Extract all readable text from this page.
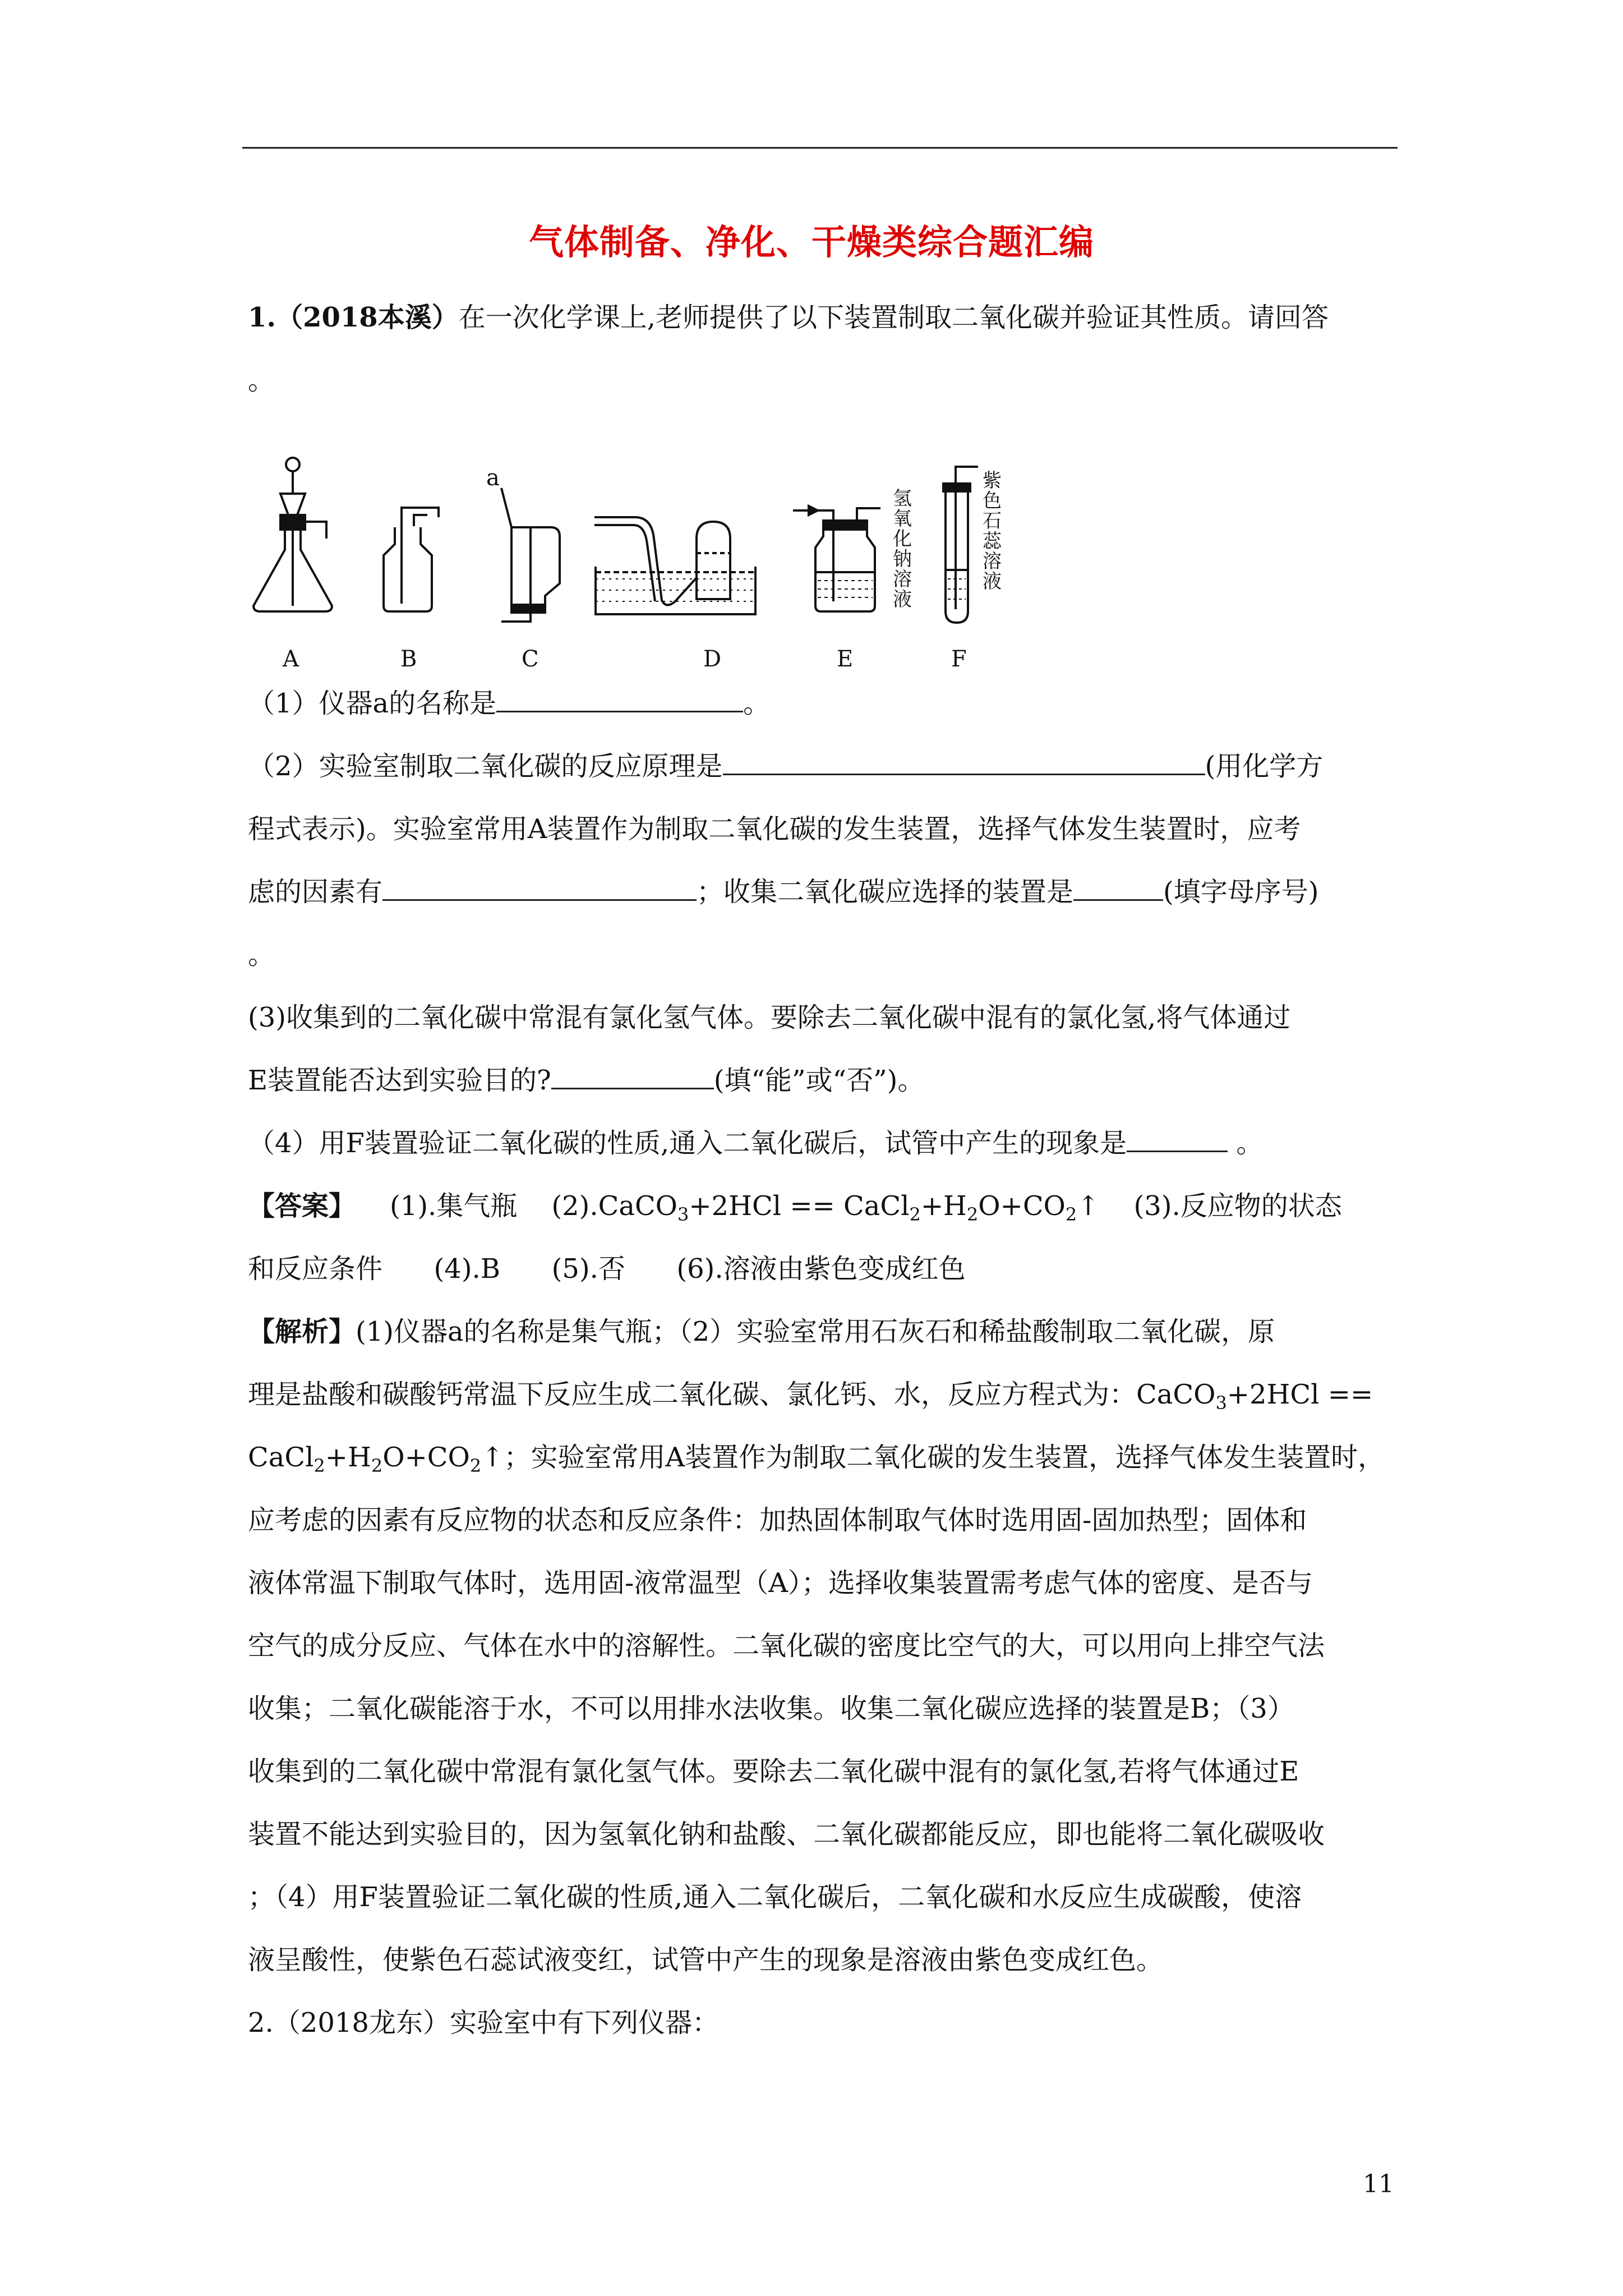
气体制备、净化、干燥类综合题汇编
1.（2018本溪）在一次化学课上,老师提供了以下装置制取二氧化碳并验证其性质。请回答
。
a
氢
氧
化
钠
溶
液
紫
色
石
蕊
溶
液
A	B	C	D	E	F
（1）仪器a的名称是	。
（2）实验室制取二氧化碳的反应原理是	(用化学方
程式表示)。实验室常用A装置作为制取二氧化碳的发生装置，选择气体发生装置时，应考
虑的因素有	；收集二氧化碳应选择的装置是	(填字母序号)
。
(3)收集到的二氧化碳中常混有氯化氢气体。要除去二氧化碳中混有的氯化氢,将气体通过
E装置能否达到实验目的?	(填“能”或“否”)。
（4）用F装置验证二氧化碳的性质,通入二氧化碳后，试管中产生的现象是	。
【答案】 (1).集气瓶 (2).CaCO$_3$+2HCl == $CaCl_2+H_2O+CO_2↑$ (3).反应物的状态
和反应条件      (4).B      (5).否      (6).溶液由紫色变成红色
【解析】(1)仪器a的名称是集气瓶；（2）实验室常用石灰石和稀盐酸制取二氧化碳，原
理是盐酸和碳酸钙常温下反应生成二氧化碳、氯化钙、水，反应方程式为：CaCO$_3$+2HCl ==
$CaCl_2+H_2O+CO_2↑$；实验室常用A装置作为制取二氧化碳的发生装置，选择气体发生装置时，
应考虑的因素有反应物的状态和反应条件：加热固体制取气体时选用固-固加热型；固体和
液体常温下制取气体时，选用固-液常温型（A）；选择收集装置需考虑气体的密度、是否与
空气的成分反应、气体在水中的溶解性。二氧化碳的密度比空气的大，可以用向上排空气法
收集；二氧化碳能溶于水，不可以用排水法收集。收集二氧化碳应选择的装置是B；（3）
收集到的二氧化碳中常混有氯化氢气体。要除去二氧化碳中混有的氯化氢,若将气体通过E
装置不能达到实验目的，因为氢氧化钠和盐酸、二氧化碳都能反应，即也能将二氧化碳吸收
；（4）用F装置验证二氧化碳的性质,通入二氧化碳后，二氧化碳和水反应生成碳酸，使溶
液呈酸性，使紫色石蕊试液变红，试管中产生的现象是溶液由紫色变成红色。
2.（2018龙东）实验室中有下列仪器：
11
